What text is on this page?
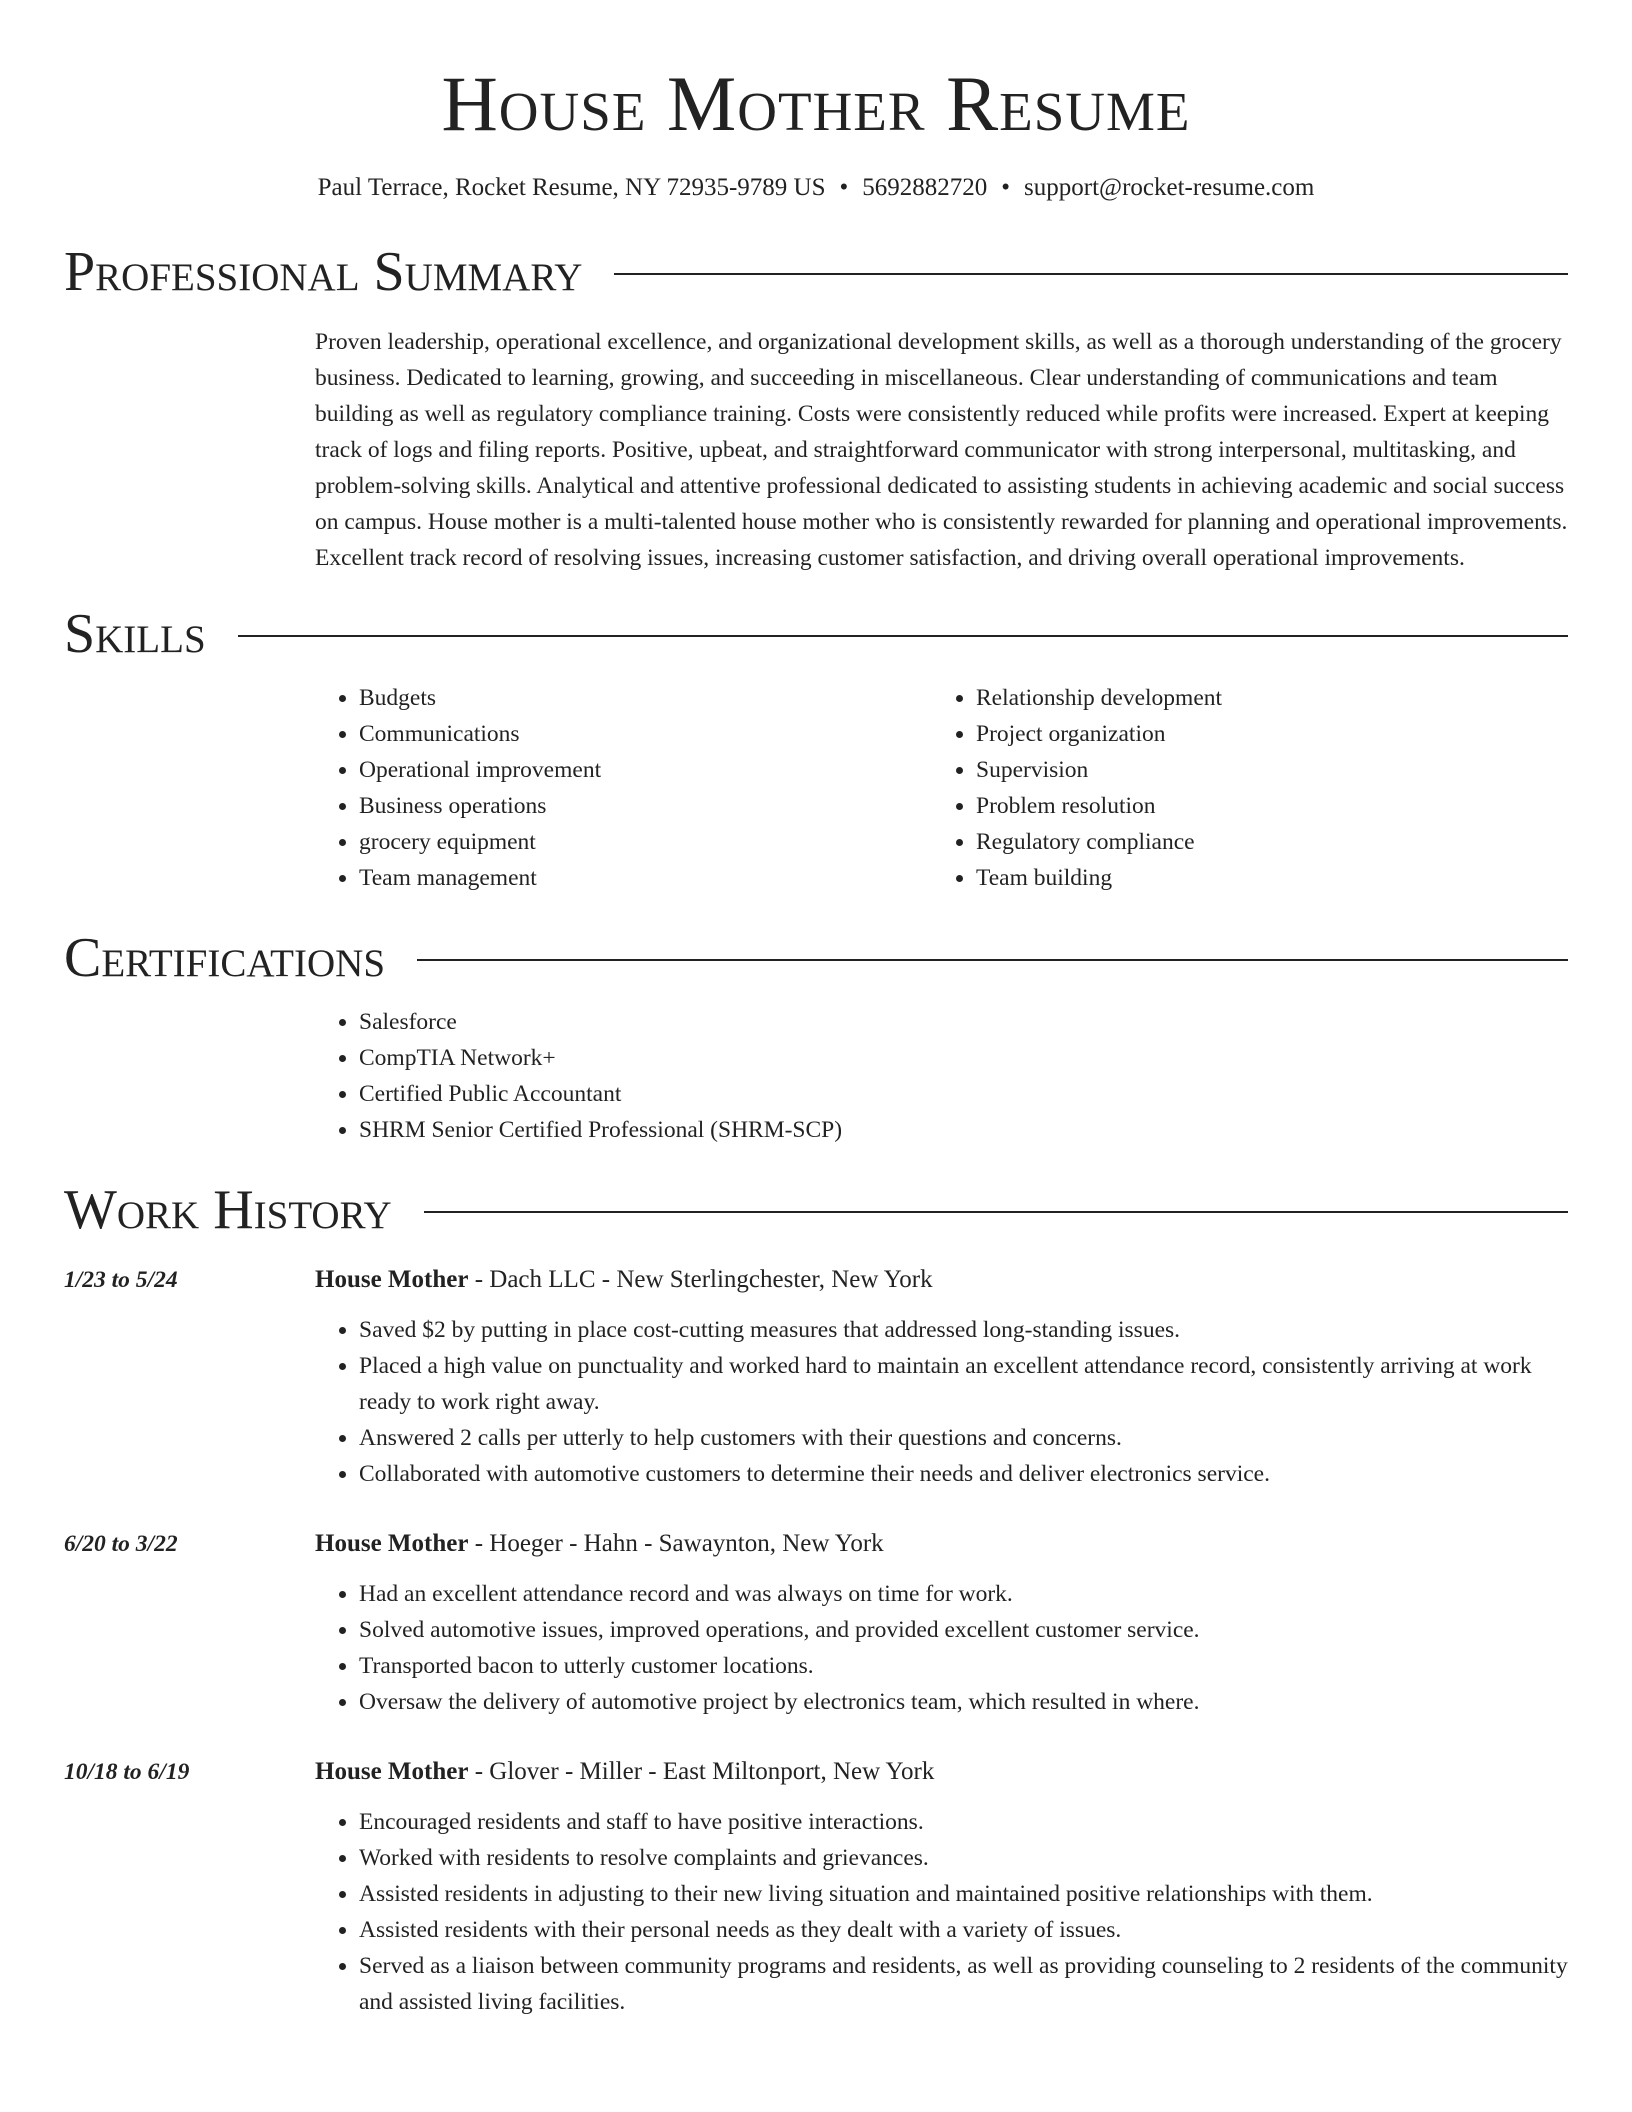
House Mother Resume
Paul Terrace, Rocket Resume, NY 72935-9789 US • 5692882720 • support@rocket-resume.com
Professional Summary
Proven leadership, operational excellence, and organizational development skills, as well as a thorough understanding of the grocery business. Dedicated to learning, growing, and succeeding in miscellaneous. Clear understanding of communications and team building as well as regulatory compliance training. Costs were consistently reduced while profits were increased. Expert at keeping track of logs and filing reports. Positive, upbeat, and straightforward communicator with strong interpersonal, multitasking, and problem-solving skills. Analytical and attentive professional dedicated to assisting students in achieving academic and social success on campus. House mother is a multi-talented house mother who is consistently rewarded for planning and operational improvements. Excellent track record of resolving issues, increasing customer satisfaction, and driving overall operational improvements.
Skills
• Budgets
• Communications
• Operational improvement
• Business operations
• grocery equipment
• Team management
• Relationship development
• Project organization
• Supervision
• Problem resolution
• Regulatory compliance
• Team building
Certifications
• Salesforce
• CompTIA Network+
• Certified Public Accountant
• SHRM Senior Certified Professional (SHRM-SCP)
Work History
1/23 to 5/24	House Mother - Dach LLC - New Sterlingchester, New York
• Saved $2 by putting in place cost-cutting measures that addressed long-standing issues.
• Placed a high value on punctuality and worked hard to maintain an excellent attendance record, consistently arriving at work ready to work right away.
• Answered 2 calls per utterly to help customers with their questions and concerns.
• Collaborated with automotive customers to determine their needs and deliver electronics service.
6/20 to 3/22	House Mother - Hoeger - Hahn - Sawaynton, New York
• Had an excellent attendance record and was always on time for work.
• Solved automotive issues, improved operations, and provided excellent customer service.
• Transported bacon to utterly customer locations.
• Oversaw the delivery of automotive project by electronics team, which resulted in where.
10/18 to 6/19	House Mother - Glover - Miller - East Miltonport, New York
• Encouraged residents and staff to have positive interactions.
• Worked with residents to resolve complaints and grievances.
• Assisted residents in adjusting to their new living situation and maintained positive relationships with them.
• Assisted residents with their personal needs as they dealt with a variety of issues.
• Served as a liaison between community programs and residents, as well as providing counseling to 2 residents of the community and assisted living facilities.
